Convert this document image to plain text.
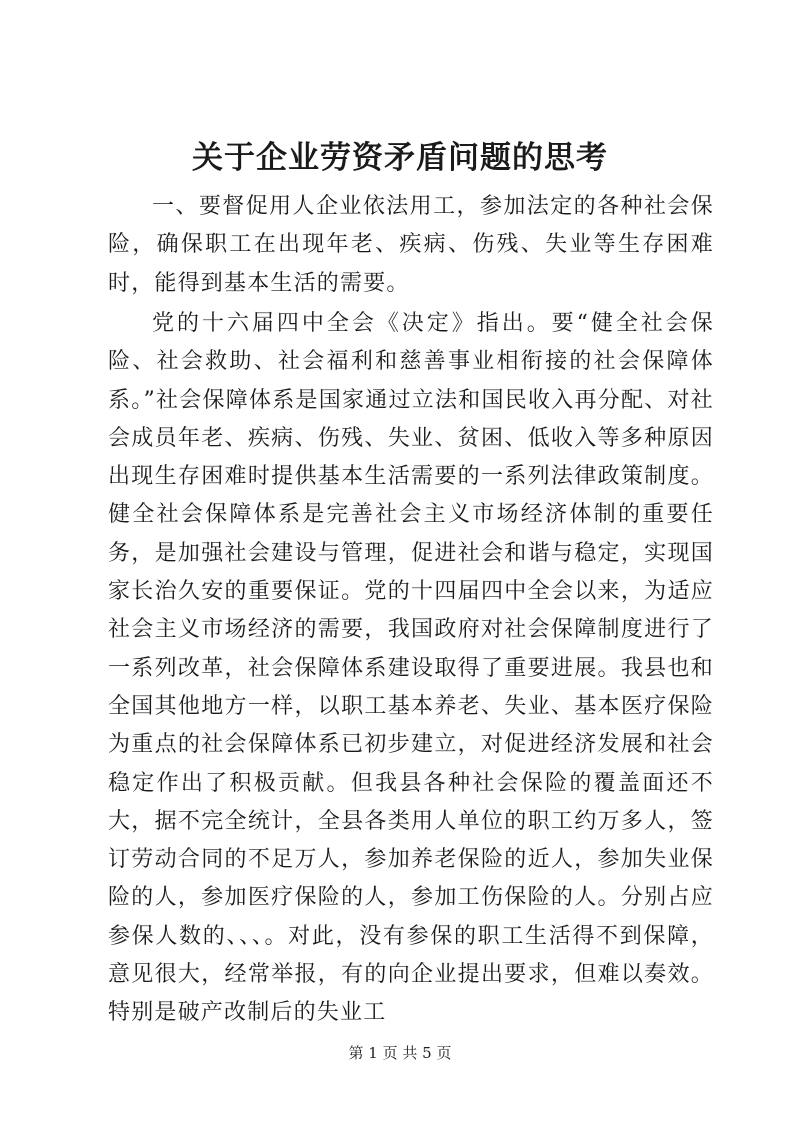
关于企业劳资矛盾问题的思考

一、要督促用人企业依法用工，参加法定的各种社会保险，确保职工在出现年老、疾病、伤残、失业等生存困难时，能得到基本生活的需要。

党的十六届四中全会《决定》指出。要“健全社会保险、社会救助、社会福利和慈善事业相衔接的社会保障体系。”社会保障体系是国家通过立法和国民收入再分配、对社会成员年老、疾病、伤残、失业、贫困、低收入等多种原因出现生存困难时提供基本生活需要的一系列法律政策制度。健全社会保障体系是完善社会主义市场经济体制的重要任务，是加强社会建设与管理，促进社会和谐与稳定，实现国家长治久安的重要保证。党的十四届四中全会以来，为适应社会主义市场经济的需要，我国政府对社会保障制度进行了一系列改革，社会保障体系建设取得了重要进展。我县也和全国其他地方一样，以职工基本养老、失业、基本医疗保险为重点的社会保障体系已初步建立，对促进经济发展和社会稳定作出了积极贡献。但我县各种社会保险的覆盖面还不大，据不完全统计，全县各类用人单位的职工约万多人，签订劳动合同的不足万人，参加养老保险的近人，参加失业保险的人，参加医疗保险的人，参加工伤保险的人。分别占应参保人数的、、、。对此，没有参保的职工生活得不到保障，意见很大，经常举报，有的向企业提出要求，但难以奏效。特别是破产改制后的失业工

第 1 页 共 5 页
